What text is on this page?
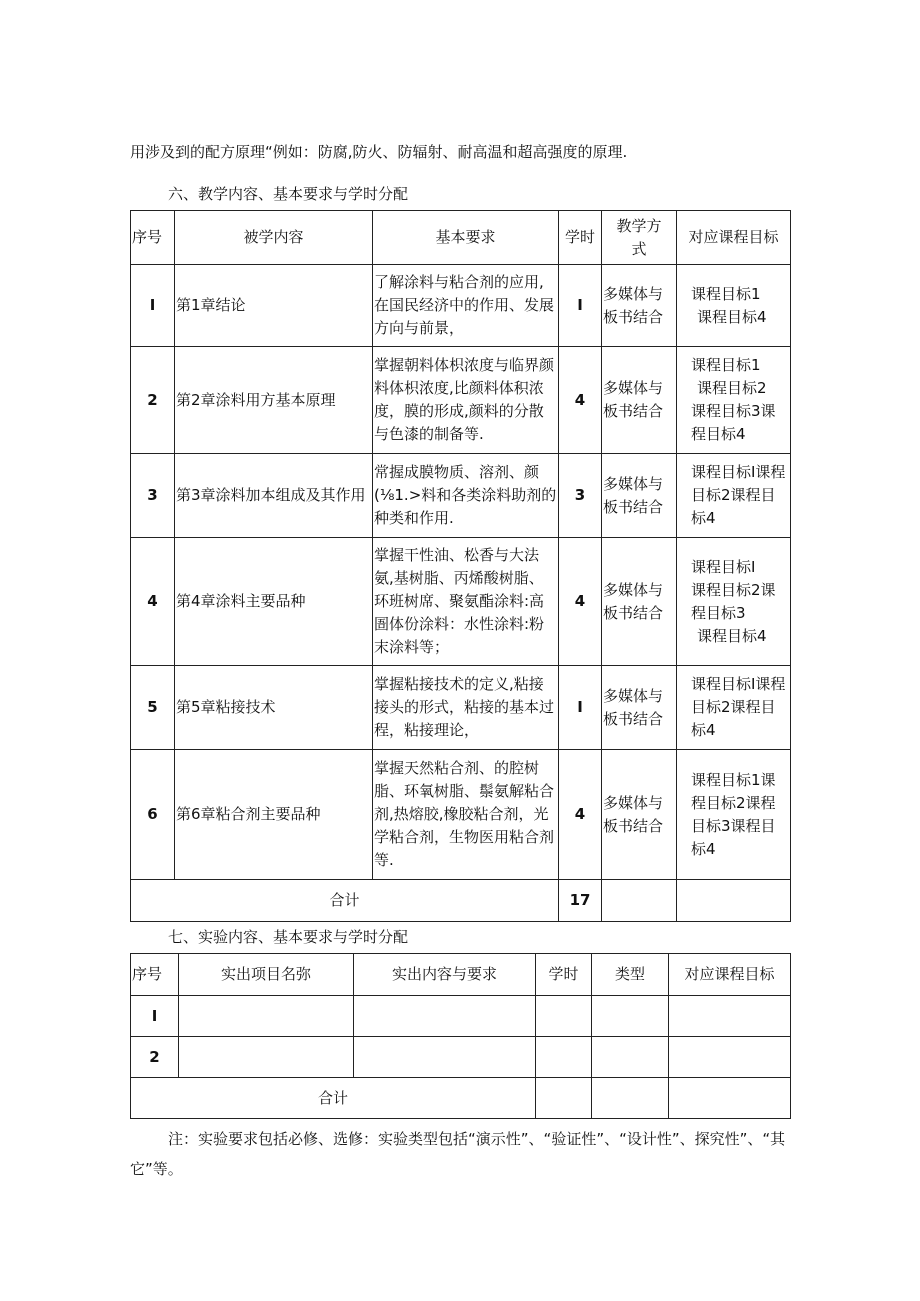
用涉及到的配方原理“例如：防腐,防火、防辐射、耐高温和超高强度的原理.
六、教学内容、基本要求与学时分配
序号	被学内容	基本要求	学时	教学方式	对应课程目标
I	第1章结论	了解涂料与粘合剂的应用,在国民经济中的作用、发展方向与前景，	I	多媒体与板书结合	课程目标1
课程目标4

2	第2章涂料用方基本原理	掌握朝料体枳浓度与临界颜料体枳浓度,比颜料体积浓度，膜的形成,颜料的分散与色漆的制备等.	4	多媒体与板书结合	课程目标1
课程目标2
课程目标3课程目标4

3	第3章涂料加本组成及其作用	常握成膜物质、溶剂、颜(⅛1.>料和各类涂料助剂的种类和作用.	3	多媒体与板书结合	课程目标I课程目标2课程目标4

4	第4章涂料主要品种	掌握干性油、松香与大法氨,基树脂、丙烯酸树脂、环班树席、聚氨酯涂料:高圄体份涂料：水性涂料:粉末涂料等；	4	多媒体与板书结合	课程目标I
课程目标2课程目标3
课程目标4

5	第5章粘接技术	掌握粘接技术的定义,粘接接头的形式，粘接的基本过程，粘接理论，	I	多媒体与板书结合	课程目标I课程目标2课程目标4

6	第6章粘合剂主要品种	掌握天然粘合剂、的腔树脂、环氧树脂、鬃氨解粘合剂,热熔胶,橡胶粘合剂，光学粘合剂，生物医用粘合剂等.	4	多媒体与板书结合	课程目标1课程目标2课程目标3课程目标4

合计			17		
七、实验内容、基本要求与学时分配
序号	实出项目名弥	实出内容与要求	学时	类型	对应课程目标
I					
2					
合计					
注：实验要求包括必修、选修：实验类型包括“演示性”、“验证性”、“设计性”、探究性”、“其它”等。
